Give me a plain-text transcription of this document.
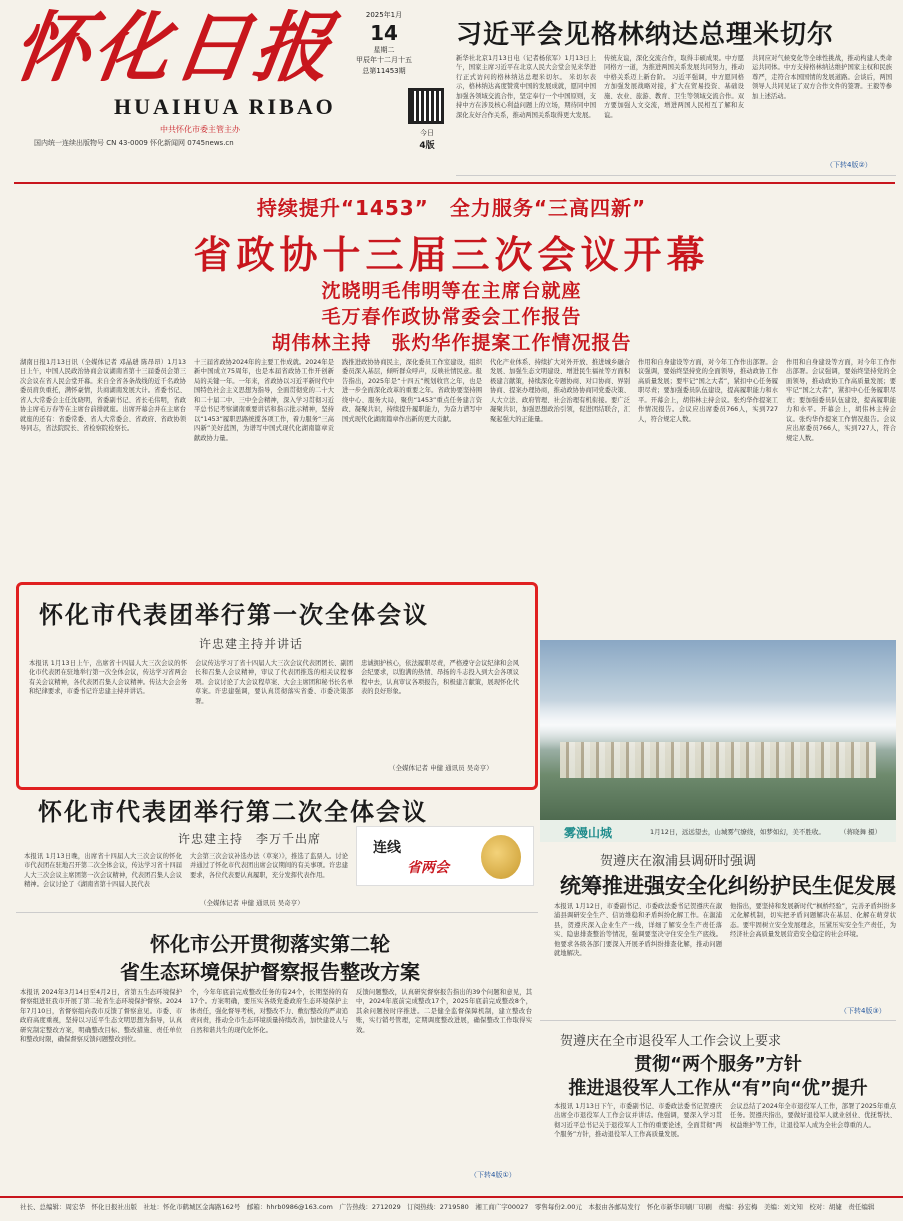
怀化日报
HUAIHUA RIBAO
中共怀化市委主管主办
国内统一连续出版物号 CN 43-0009 怀化新闻网 0745news.cn
2025年1月
14
星期二
甲辰年十二月十五
总第11453期
今日
4版
习近平会见格林纳达总理米切尔
新华社北京1月13日电（记者杨依军）1月13日上午，国家主席习近平在北京人民大会堂会见来华进行正式访问的格林纳达总理米切尔。 米切尔表示，格林纳达高度赞赏中国的发展成就，愿同中国加强各领域交流合作，坚定奉行一个中国原则，支持中方在涉及核心利益问题上的立场，期待同中国深化友好合作关系，推动两国关系取得更大发展。
传统友谊，深化交流合作，取得丰硕成果。中方愿同格方一道，为推进两国关系发展共同努力，推动中格关系迈上新台阶。 习近平强调，中方愿同格方加强发展战略对接，扩大在贸易投资、基础设施、农业、旅游、教育、卫生等领域交流合作。双方要加强人文交流，增进两国人民相互了解和友谊。
共同应对气候变化等全球性挑战，推动构建人类命运共同体。中方支持格林纳达维护国家主权和民族尊严，走符合本国国情的发展道路。会谈后，两国领导人共同见证了双方合作文件的签署。王毅等参加上述活动。
（下转4版②）
持续提升“1453”　全力服务“三高四新”
省政协十三届三次会议开幕
沈晓明毛伟明等在主席台就座
毛万春作政协常委会工作报告
胡伟林主持　张灼华作提案工作情况报告
湖南日报1月13日讯（全媒体记者 邓晶琎 陈昂昂）1月13日上午，中国人民政治协商会议湖南省第十三届委员会第三次会议在省人民会堂开幕。来自全省各条战线的近千名政协委员肩负重托，满怀豪情，共商湖南发展大计。省委书记、省人大常委会主任沈晓明，省委副书记、省长毛伟明，省政协主席毛万春等在主席台前排就座。出席开幕会并在主席台就座的还有：省委常委、省人大常委会、省政府、省政协领导同志，省法院院长、省检察院检察长。
十三届省政协2024年的主要工作成就。2024年是新中国成立75周年，也是本届省政协工作开创新局的关键一年。一年来，省政协以习近平新时代中国特色社会主义思想为指导，全面贯彻党的二十大和二十届二中、三中全会精神，深入学习贯彻习近平总书记考察湖南重要讲话和指示批示精神，坚持以“1453”履职思路统揽各项工作，着力服务“三高四新”美好蓝图，为谱写中国式现代化湖南篇章贡献政协力量。
践推进政协协商民主，深化委员工作室建设，组织委员深入基层，倾听群众呼声，反映社情民意。报告指出，2025年是“十四五”规划收官之年，也是进一步全面深化改革的重要之年。省政协要坚持围绕中心、服务大局，聚焦“1453”重点任务建言资政、凝聚共识，持续提升履职能力，为奋力谱写中国式现代化湖南篇章作出新的更大贡献。
代化产业体系、持续扩大对外开放、推进城乡融合发展、加强生态文明建设、增进民生福祉等方面积极建言献策，持续深化专题协商、对口协商、界别协商、提案办理协商，推动政协协商同党委决策、人大立法、政府管理、社会治理有机衔接。要广泛凝聚共识，加强思想政治引领，促进团结联合，汇聚起强大的正能量。
作用和自身建设等方面，对今年工作作出部署。会议强调，要始终坚持党的全面领导，推动政协工作高质量发展；要牢记“国之大者”，紧扣中心任务履职尽责；要加强委员队伍建设，提高履职能力和水平。开幕会上，胡伟林主持会议。张灼华作提案工作情况报告。会议应出席委员766人，实到727人，符合规定人数。
作用和自身建设等方面，对今年工作作出部署。会议强调，要始终坚持党的全面领导，推动政协工作高质量发展；要牢记“国之大者”，紧扣中心任务履职尽责；要加强委员队伍建设，提高履职能力和水平。开幕会上，胡伟林主持会议。张灼华作提案工作情况报告。会议应出席委员766人，实到727人，符合规定人数。
怀化市代表团举行第一次全体会议
许忠建主持并讲话
本报讯 1月13日上午，出席省十四届人大三次会议的怀化市代表团在驻地举行第一次全体会议，传达学习省两会有关会议精神，各代表团召集人会议精神。传达大会会务和纪律要求，市委书记许忠建主持并讲话。
会议传达学习了省十四届人大三次会议代表团团长、副团长和召集人会议精神，审议了代表团推选的相关议程事项。会议讨论了大会议程草案、大会主席团和秘书长名单草案。许忠建强调，要认真贯彻落实省委、市委决策部署。
忠诚拥护核心，依法履职尽责，严格遵守会议纪律和会风会纪要求，以饱满的热情、昂扬的斗志投入到大会各项议程中去，认真审议各项报告，积极建言献策，展现怀化代表的良好形象。
（全媒体记者 申健 通讯员 吴奇亨）
怀化市代表团举行第二次全体会议
许忠建主持　李万千出席
本报讯 1月13日晚，出席省十四届人大三次会议的怀化市代表团在驻地召开第二次全体会议，传达学习省十四届人大三次会议主席团第一次会议精神，代表团召集人会议精神。会议讨论了《湖南省第十四届人民代表
大会第三次会议补选办法（草案）》，推选了监票人。讨论并通过了怀化市代表团出席会议期间的有关事项。许忠建要求，各位代表要认真履职，充分发挥代表作用。
（全媒体记者 申健 通讯员 吴奇亨）
连线
省两会
雾漫山城	1月12日，远远望去，山城雾气缭绕，如梦如幻，美不胜收。 （蒋晓舞 摄）
贺遵庆在溆浦县调研时强调
统筹推进强安全化纠纷护民生促发展
本报讯 1月12日，市委副书记、市委政法委书记贺遵庆在溆浦县调研安全生产、信访维稳和矛盾纠纷化解工作。在溆浦县，贺遵庆深入企业生产一线，详细了解安全生产责任落实、隐患排查整治等情况，强调要坚决守住安全生产底线。他要求各级各部门要深入开展矛盾纠纷排查化解，推动问题就地解决。
他指出，要坚持和发展新时代“枫桥经验”，完善矛盾纠纷多元化解机制，切实把矛盾问题解决在基层、化解在萌芽状态。要牢固树立安全发展理念，压紧压实安全生产责任，为经济社会高质量发展营造安全稳定的社会环境。
（下转4版③）
怀化市公开贯彻落实第二轮
省生态环境保护督察报告整改方案
本报讯 2024年3月14日至4月2日，省第五生态环境保护督察组进驻我市开展了第二轮省生态环境保护督察。2024年7月10日，省督察组向我市反馈了督察意见。市委、市政府高度重视，坚持以习近平生态文明思想为指导，认真研究制定整改方案，明确整改目标、整改措施、责任单位和整改时限，确保督察反馈问题整改到位。
个，今年年底前完成整改任务的有24个，长期坚持的有17个。方案明确，要压实各级党委政府生态环境保护主体责任，强化督导考核，对整改不力、敷衍整改的严肃追责问责，推动全市生态环境质量持续改善，加快建设人与自然和谐共生的现代化怀化。
反馈问题整改，认真研究督察报告指出的39个问题和意见，其中，2024年底前完成整改17个，2025年底前完成整改8个，其余问题按时序推进。二是健全监督保障机制，建立整改台账，实行销号管理，定期调度整改进展，确保整改工作取得实效。
（下转4版①）
贺遵庆在全市退役军人工作会议上要求
贯彻“两个服务”方针
推进退役军人工作从“有”向“优”提升
本报讯 1月13日下午，市委副书记、市委政法委书记贺遵庆出席全市退役军人工作会议并讲话。他强调，要深入学习贯彻习近平总书记关于退役军人工作的重要论述，全面贯彻“两个服务”方针，推动退役军人工作高质量发展。
会议总结了2024年全市退役军人工作，部署了2025年重点任务。贺遵庆指出，要做好退役军人就业创业、优抚帮扶、权益维护等工作，让退役军人成为全社会尊重的人。
社长、总编辑：周宏华　怀化日报社出版　社址：怀化市鹤城区金海路162号　邮箱：hhrb0986@163.com　广告热线：2712029　订阅热线：2719580　湘工商广字00027　零售每份2.00元　本报由各邮局发行　怀化市新华印刷厂印刷　责编：孙宏梅　美编：刘文知　校对：胡婕　责任编辑
